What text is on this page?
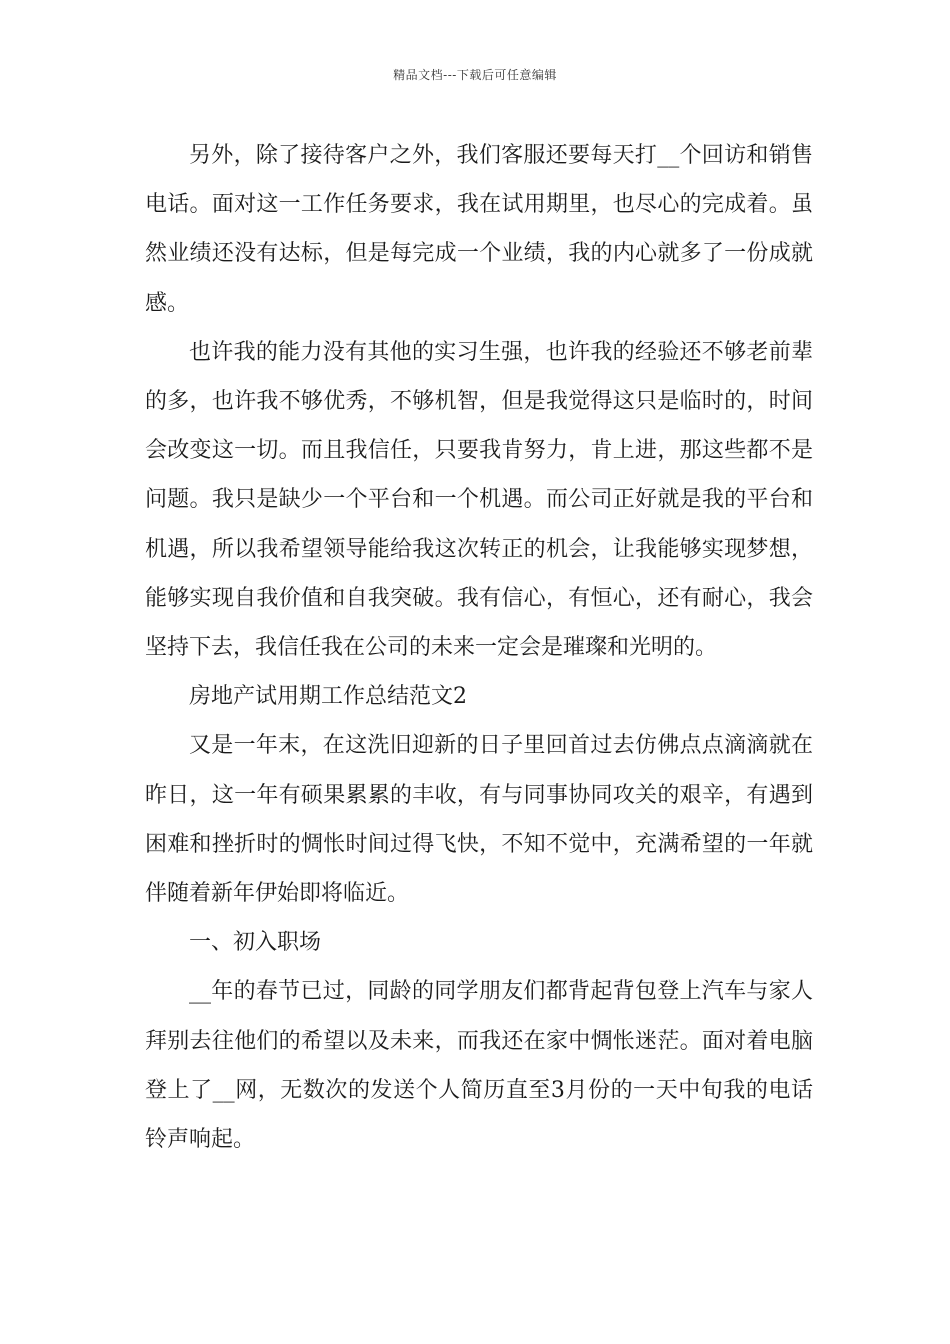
精品文档---下载后可任意编辑

另外，除了接待客户之外，我们客服还要每天打__个回访和销售电话。面对这一工作任务要求，我在试用期里，也尽心的完成着。虽然业绩还没有达标，但是每完成一个业绩，我的内心就多了一份成就感。

也许我的能力没有其他的实习生强，也许我的经验还不够老前辈的多，也许我不够优秀，不够机智，但是我觉得这只是临时的，时间会改变这一切。而且我信任，只要我肯努力，肯上进，那这些都不是问题。我只是缺少一个平台和一个机遇。而公司正好就是我的平台和机遇，所以我希望领导能给我这次转正的机会，让我能够实现梦想，能够实现自我价值和自我突破。我有信心，有恒心，还有耐心，我会坚持下去，我信任我在公司的未来一定会是璀璨和光明的。

房地产试用期工作总结范文2

又是一年末，在这洗旧迎新的日子里回首过去仿佛点点滴滴就在昨日，这一年有硕果累累的丰收，有与同事协同攻关的艰辛，有遇到困难和挫折时的惆怅时间过得飞快，不知不觉中，充满希望的一年就伴随着新年伊始即将临近。

一、初入职场

__年的春节已过，同龄的同学朋友们都背起背包登上汽车与家人拜别去往他们的希望以及未来，而我还在家中惆怅迷茫。面对着电脑登上了__网，无数次的发送个人简历直至3月份的一天中旬我的电话铃声响起。
